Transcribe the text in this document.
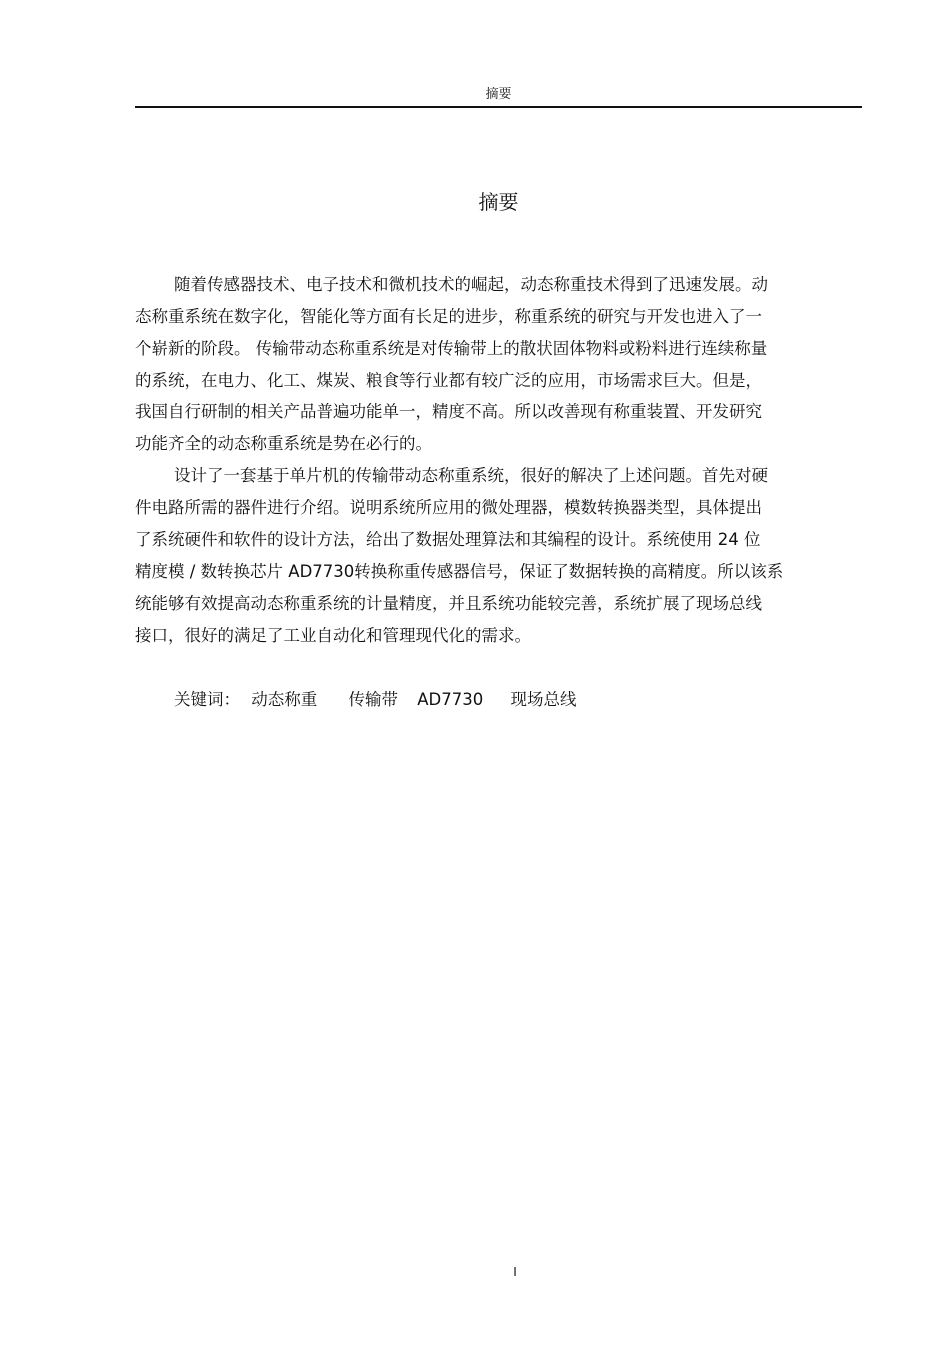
摘要
摘要
随着传感器技术、电子技术和微机技术的崛起，动态称重技术得到了迅速发展。动
态称重系统在数字化，智能化等方面有长足的进步，称重系统的研究与开发也进入了一
个崭新的阶段。 传输带动态称重系统是对传输带上的散状固体物料或粉料进行连续称量
的系统，在电力、化工、煤炭、粮食等行业都有较广泛的应用，市场需求巨大。但是，
我国自行研制的相关产品普遍功能单一，精度不高。所以改善现有称重装置、开发研究
功能齐全的动态称重系统是势在必行的。
设计了一套基于单片机的传输带动态称重系统，很好的解决了上述问题。首先对硬
件电路所需的器件进行介绍。说明系统所应用的微处理器，模数转换器类型，具体提出
了系统硬件和软件的设计方法，给出了数据处理算法和其编程的设计。系统使用 24 位
精度模 / 数转换芯片 AD7730转换称重传感器信号，保证了数据转换的高精度。所以该系
统能够有效提高动态称重系统的计量精度，并且系统功能较完善，系统扩展了现场总线
接口，很好的满足了工业自动化和管理现代化的需求。
关键词： 动态称重 传输带 AD7730 现场总线
I
